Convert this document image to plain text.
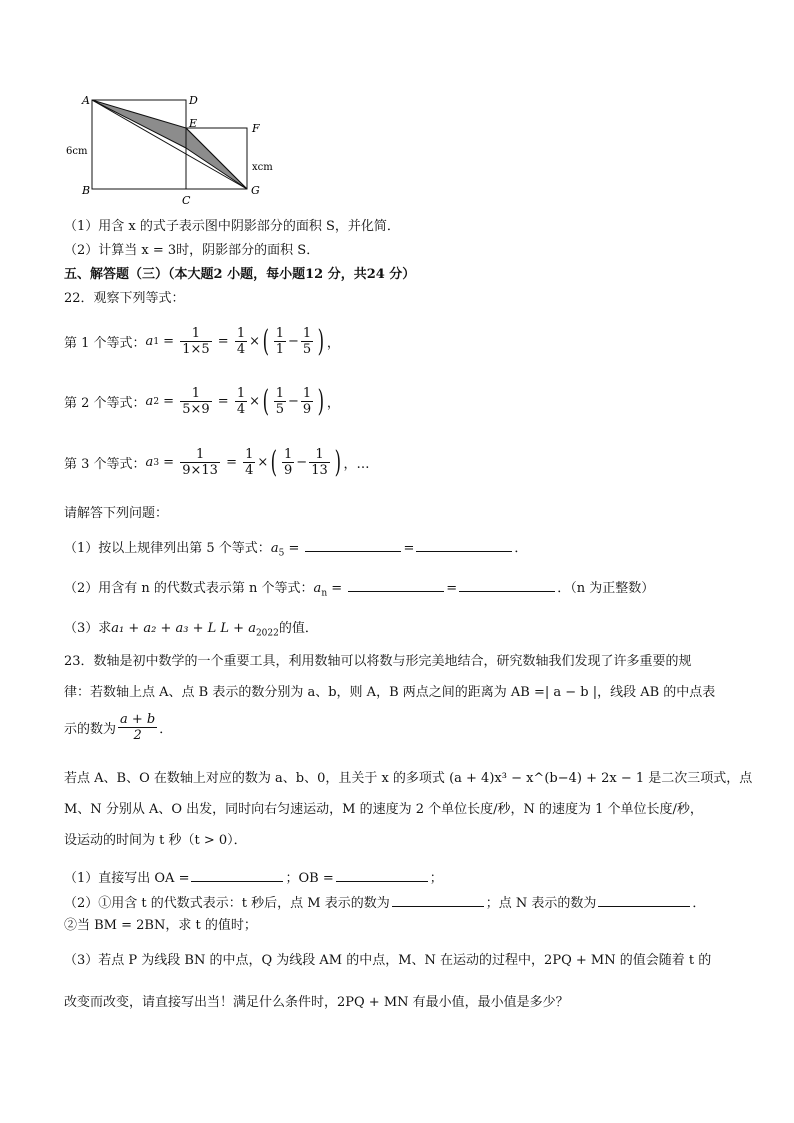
A	D
E	F
B
C
G
6cm
xcm
（1）用含 x 的式子表示图中阴影部分的面积 S，并化简．
（2）计算当 x = 3时，阴影部分的面积 S．
五、解答题（三）（本大题2 小题，每小题12 分，共24 分）
22．观察下列等式：
第 1 个等式： a $1 = \frac{1}{1\times 5} = \frac{1}{4}$ × ( $\frac{1}{1} - \frac{1}{5}$ ) ，
第 2 个等式： a $2 = \frac{1}{5\times 9} = \frac{1}{4}$ × ( $\frac{1}{5} - \frac{1}{9}$ ) ，
第 3 个等式： a $3 = \frac{1}{9\times 13} = \frac{1}{4}$ × ( $\frac{1}{9} - \frac{1}{13}$ ) ，…
请解答下列问题：
（1）按以上规律列出第 5 个等式：$a_5$ =	=	．
（2）用含有 n 的代数式表示第 n 个等式：$a_n$ =	=	．（n 为正整数）
（3）求a₁ + a₂ + a₃ + L $L + a_{2022}$的值．
23．数轴是初中数学的一个重要工具，利用数轴可以将数与形完美地结合，研究数轴我们发现了许多重要的规
律：若数轴上点 A、点 B 表示的数分别为 a、b，则 A，B 两点之间的距离为 AB =| a − b |，线段 AB 的中点表
示的数为 $\frac{a + b}{2}$ ．
若点 A、B、O 在数轴上对应的数为 a、b、0，且关于 x 的多项式 (a + 4)x³ − x^(b−4) + 2x − 1 是二次三项式，点
M、N 分别从 A、O 出发，同时向右匀速运动，M 的速度为 2 个单位长度/秒，N 的速度为 1 个单位长度/秒，
设运动的时间为 t 秒（t > 0）．
（1）直接写出 OA =	；OB =	；
（2）①用含 t 的代数式表示：t 秒后，点 M 表示的数为	；点 N 表示的数为	．
②当 BM = 2BN，求 t 的值时；
（3）若点 P 为线段 BN 的中点，Q 为线段 AM 的中点，M、N 在运动的过程中，2PQ + MN 的值会随着 t 的
改变而改变，请直接写出当！满足什么条件时，2PQ + MN 有最小值，最小值是多少？
